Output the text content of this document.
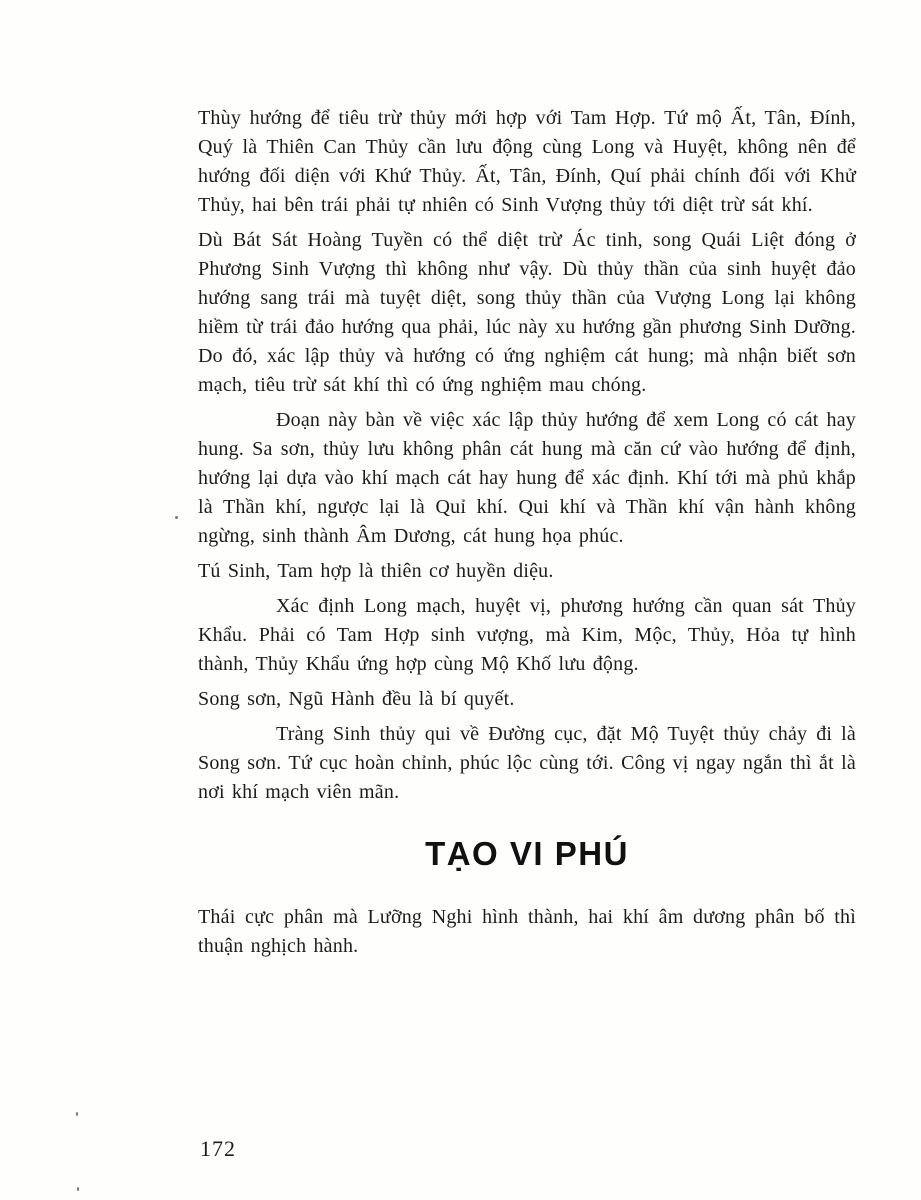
Thùy hướng để tiêu trừ thủy mới hợp với Tam Hợp. Tứ mộ Ất, Tân, Đính, Quý là Thiên Can Thủy cần lưu động cùng Long và Huyệt, không nên để hướng đối diện với Khứ Thủy. Ất, Tân, Đính, Quí phải chính đối với Khử Thủy, hai bên trái phải tự nhiên có Sinh Vượng thủy tới diệt trừ sát khí.

Dù Bát Sát Hoàng Tuyền có thể diệt trừ Ác tinh, song Quái Liệt đóng ở Phương Sinh Vượng thì không như vậy. Dù thủy thần của sinh huyệt đảo hướng sang trái mà tuyệt diệt, song thủy thần của Vượng Long lại không hiềm từ trái đảo hướng qua phải, lúc này xu hướng gần phương Sinh Dưỡng. Do đó, xác lập thủy và hướng có ứng nghiệm cát hung; mà nhận biết sơn mạch, tiêu trừ sát khí thì có ứng nghiệm mau chóng.

Đoạn này bàn về việc xác lập thủy hướng để xem Long có cát hay hung. Sa sơn, thủy lưu không phân cát hung mà căn cứ vào hướng để định, hướng lại dựa vào khí mạch cát hay hung để xác định. Khí tới mà phủ khắp là Thần khí, ngược lại là Quỉ khí. Qui khí và Thần khí vận hành không ngừng, sinh thành Âm Dương, cát hung họa phúc.

Tú Sinh, Tam hợp là thiên cơ huyền diệu.

Xác định Long mạch, huyệt vị, phương hướng cần quan sát Thủy Khẩu. Phải có Tam Hợp sinh vượng, mà Kim, Mộc, Thủy, Hỏa tự hình thành, Thủy Khẩu ứng hợp cùng Mộ Khố lưu động.

Song sơn, Ngũ Hành đều là bí quyết.

Tràng Sinh thủy qui về Đường cục, đặt Mộ Tuyệt thủy chảy đi là Song sơn. Tứ cục hoàn chỉnh, phúc lộc cùng tới. Công vị ngay ngắn thì ắt là nơi khí mạch viên mãn.

TẠO VI PHÚ

Thái cực phân mà Lưỡng Nghi hình thành, hai khí âm dương phân bố thì thuận nghịch hành.

172
